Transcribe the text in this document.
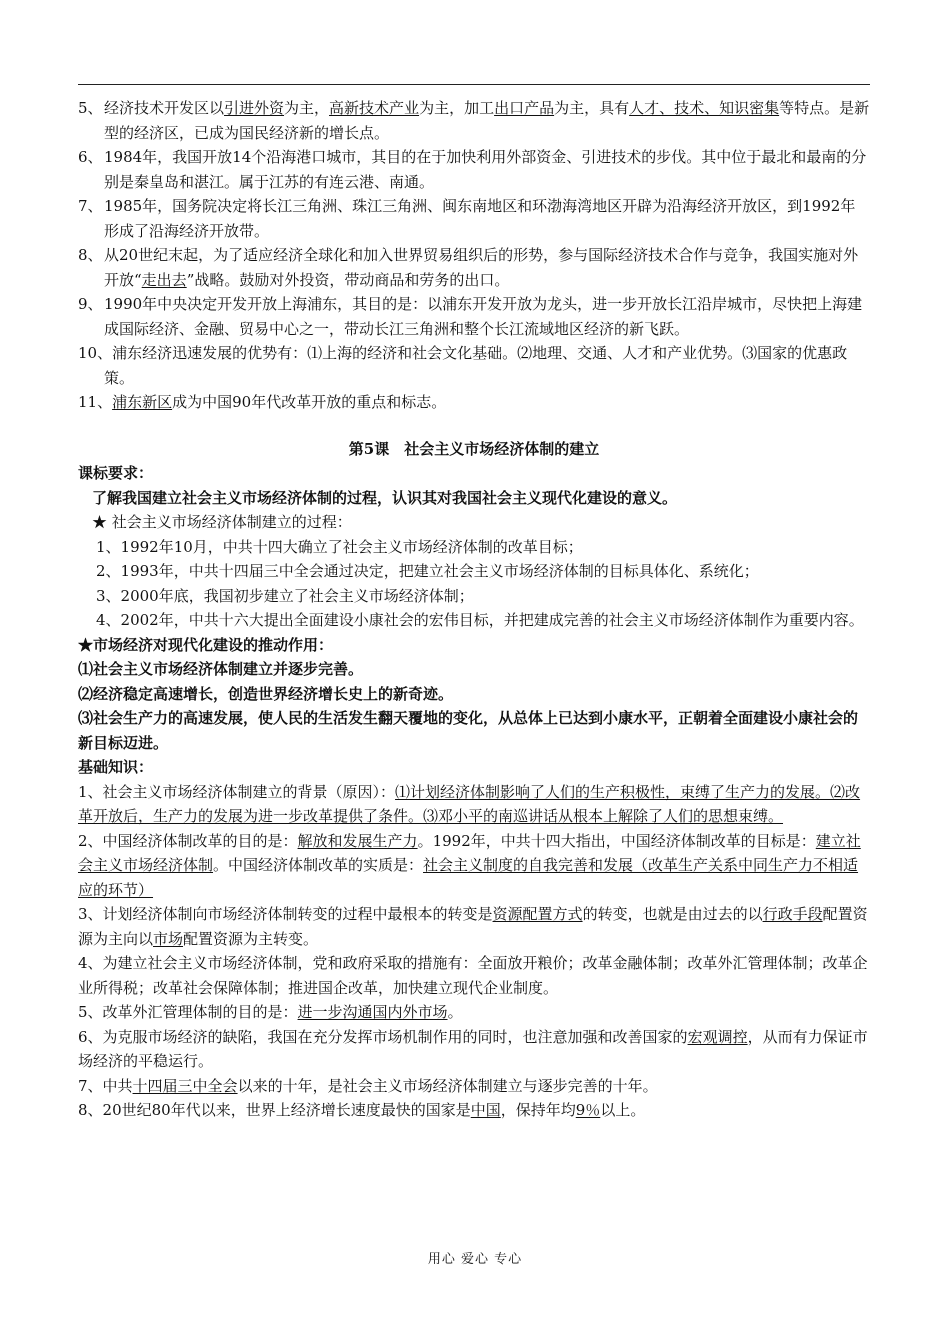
5、 经济技术开发区以引进外资为主，高新技术产业为主，加工出口产品为主，具有人才、技术、知识密集等特点。是新型的经济区，已成为国民经济新的增长点。
6、 1984年，我国开放14个沿海港口城市，其目的在于加快利用外部资金、引进技术的步伐。其中位于最北和最南的分别是秦皇岛和湛江。属于江苏的有连云港、南通。
7、 1985年，国务院决定将长江三角洲、珠江三角洲、闽东南地区和环渤海湾地区开辟为沿海经济开放区，到1992年形成了沿海经济开放带。
8、 从20世纪末起，为了适应经济全球化和加入世界贸易组织后的形势，参与国际经济技术合作与竞争，我国实施对外开放“走出去”战略。鼓励对外投资，带动商品和劳务的出口。
9、 1990年中央决定开发开放上海浦东，其目的是：以浦东开发开放为龙头，进一步开放长江沿岸城市，尽快把上海建成国际经济、金融、贸易中心之一，带动长江三角洲和整个长江流域地区经济的新飞跃。
10、浦东经济迅速发展的优势有：⑴上海的经济和社会文化基础。⑵地理、交通、人才和产业优势。⑶国家的优惠政策。
11、 浦东新区成为中国90年代改革开放的重点和标志。
第5课　社会主义市场经济体制的建立
课标要求：
了解我国建立社会主义市场经济体制的过程，认识其对我国社会主义现代化建设的意义。
★ 社会主义市场经济体制建立的过程：
1、1992年10月，中共十四大确立了社会主义市场经济体制的改革目标；
2、1993年，中共十四届三中全会通过决定，把建立社会主义市场经济体制的目标具体化、系统化；
3、2000年底，我国初步建立了社会主义市场经济体制；
4、2002年，中共十六大提出全面建设小康社会的宏伟目标，并把建成完善的社会主义市场经济体制作为重要内容。
★市场经济对现代化建设的推动作用：
⑴社会主义市场经济体制建立并逐步完善。
⑵经济稳定高速增长，创造世界经济增长史上的新奇迹。
⑶社会生产力的高速发展，使人民的生活发生翻天覆地的变化，从总体上已达到小康水平，正朝着全面建设小康社会的新目标迈进。
基础知识：
1、社会主义市场经济体制建立的背景（原因）：⑴计划经济体制影响了人们的生产积极性，束缚了生产力的发展。⑵改革开放后，生产力的发展为进一步改革提供了条件。⑶邓小平的南巡讲话从根本上解除了人们的思想束缚。
2、中国经济体制改革的目的是：解放和发展生产力。1992年，中共十四大指出，中国经济体制改革的目标是：建立社会主义市场经济体制。中国经济体制改革的实质是：社会主义制度的自我完善和发展（改革生产关系中同生产力不相适应的环节）
3、计划经济体制向市场经济体制转变的过程中最根本的转变是资源配置方式的转变，也就是由过去的以行政手段配置资源为主向以市场配置资源为主转变。
4、为建立社会主义市场经济体制，党和政府采取的措施有：全面放开粮价；改革金融体制；改革外汇管理体制；改革企业所得税；改革社会保障体制；推进国企改革，加快建立现代企业制度。
5、改革外汇管理体制的目的是：进一步沟通国内外市场。
6、为克服市场经济的缺陷，我国在充分发挥市场机制作用的同时，也注意加强和改善国家的宏观调控，从而有力保证市场经济的平稳运行。
7、中共十四届三中全会以来的十年，是社会主义市场经济体制建立与逐步完善的十年。
8、20世纪80年代以来，世界上经济增长速度最快的国家是中国，保持年均9％以上。
用心 爱心 专心
